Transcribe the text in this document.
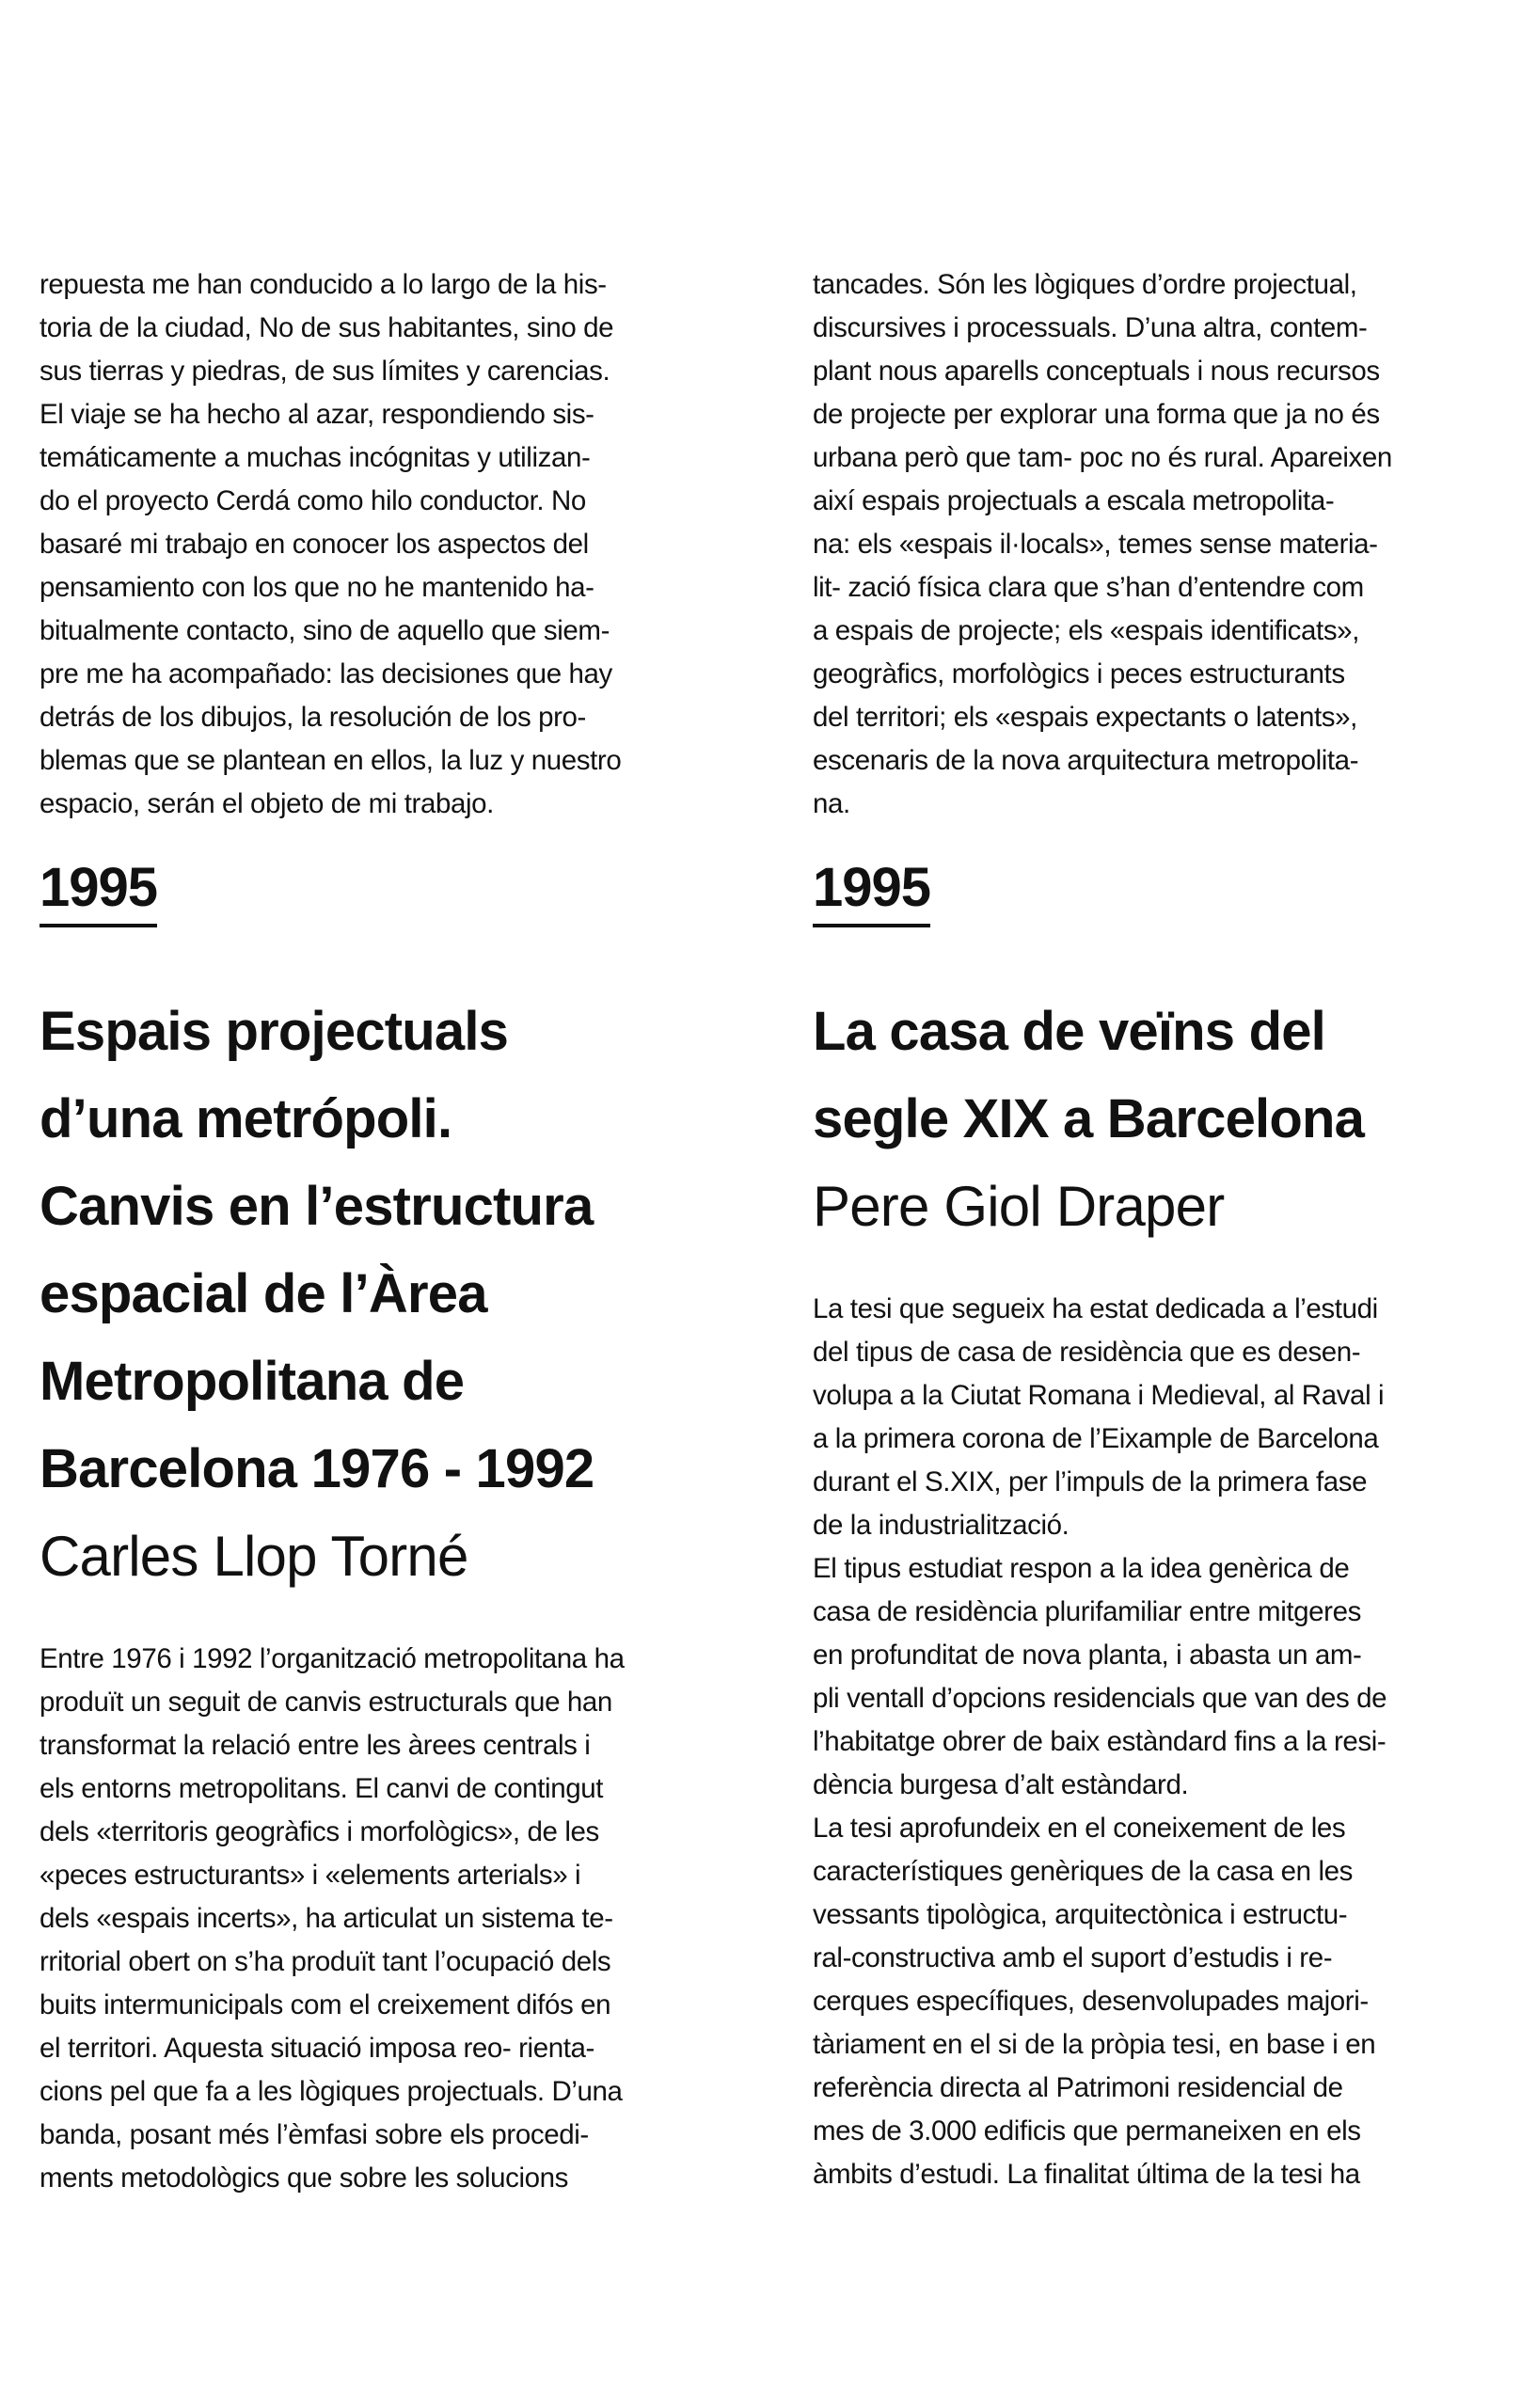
repuesta me han conducido a lo largo de la his-
toria de la ciudad, No de sus habitantes, sino de
sus tierras y piedras, de sus límites y carencias.
El viaje se ha hecho al azar, respondiendo sis-
temáticamente a muchas incógnitas y utilizan-
do el proyecto Cerdá como hilo conductor. No
basaré mi trabajo en conocer los aspectos del
pensamiento con los que no he mantenido ha-
bitualmente contacto, sino de aquello que siem-
pre me ha acompañado: las decisiones que hay
detrás de los dibujos, la resolución de los pro-
blemas que se plantean en ellos, la luz y nuestro
espacio, serán el objeto de mi trabajo.

1995
Espais projectuals
d’una metrópoli.
Canvis en l’estructura
espacial de l’Àrea
Metropolitana de
Barcelona 1976 - 1992

Carles Llop Torné

Entre 1976 i 1992 l’organització metropolitana ha
produït un seguit de canvis estructurals que han
transformat la relació entre les àrees centrals i
els entorns metropolitans. El canvi de contingut
dels «territoris geogràfics i morfològics», de les
«peces estructurants» i «elements arterials» i
dels «espais incerts», ha articulat un sistema te-
rritorial obert on s’ha produït tant l’ocupació dels
buits intermunicipals com el creixement difós en
el territori. Aquesta situació imposa reo- rienta-
cions pel que fa a les lògiques projectuals. D’una
banda, posant més l’èmfasi sobre els procedi-
ments metodològics que sobre les solucions

tancades. Són les lògiques d’ordre projectual,
discursives i processuals. D’una altra, contem-
plant nous aparells conceptuals i nous recursos
de projecte per explorar una forma que ja no és
urbana però que tam- poc no és rural. Apareixen
així espais projectuals a escala metropolita-
na: els «espais il·locals», temes sense materia-
lit- zació física clara que s’han d’entendre com
a espais de projecte; els «espais identificats»,
geogràfics, morfològics i peces estructurants
del territori; els «espais expectants o latents»,
escenaris de la nova arquitectura metropolita-
na.

1995
La casa de veïns del
segle XIX a Barcelona

Pere Giol Draper

La tesi que segueix ha estat dedicada a l’estudi
del tipus de casa de residència que es desen-
volupa a la Ciutat Romana i Medieval, al Raval i
a la primera corona de l’Eixample de Barcelona
durant el S.XIX, per l’impuls de la primera fase
de la industrialització.
El tipus estudiat respon a la idea genèrica de
casa de residència plurifamiliar entre mitgeres
en profunditat de nova planta, i abasta un am-
pli ventall d’opcions residencials que van des de
l’habitatge obrer de baix estàndard fins a la resi-
dència burgesa d’alt estàndard.
La tesi aprofundeix en el coneixement de les
característiques genèriques de la casa en les
vessants tipològica, arquitectònica i estructu-
ral-constructiva amb el suport d’estudis i re-
cerques específiques, desenvolupades majori-
tàriament en el si de la pròpia tesi, en base i en
referència directa al Patrimoni residencial de
mes de 3.000 edificis que permaneixen en els
àmbits d’estudi. La finalitat última de la tesi ha
